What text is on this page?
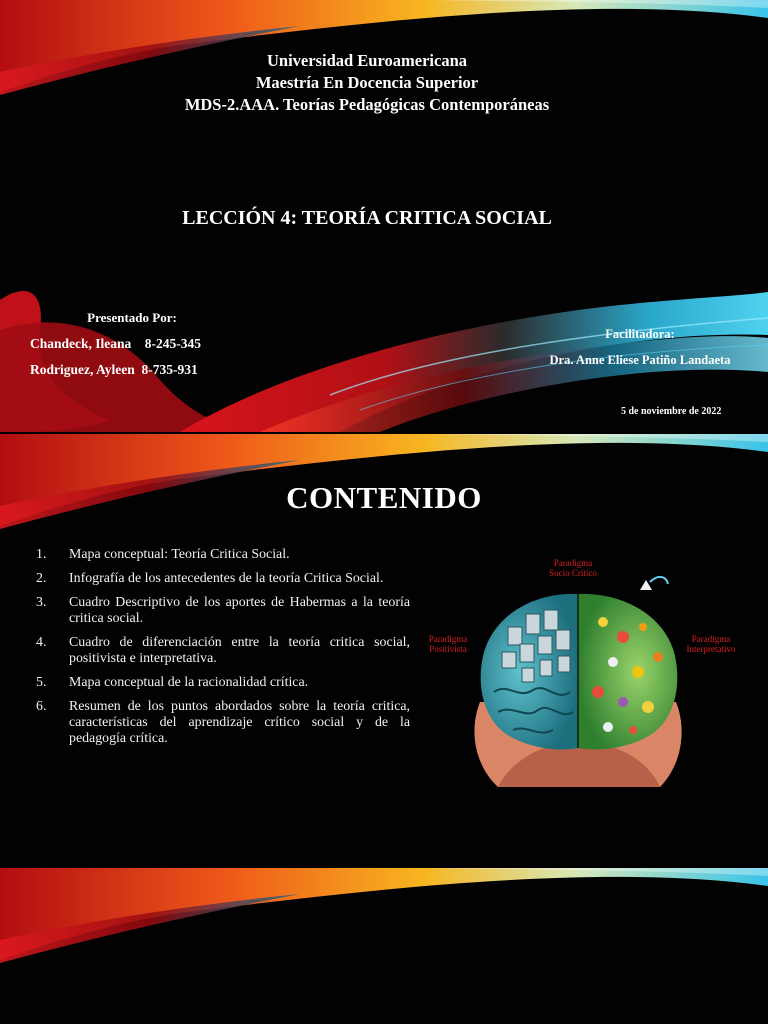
Universidad Euroamericana
Maestría En Docencia Superior
MDS-2.AAA. Teorías Pedagógicas Contemporáneas
LECCIÓN 4: TEORÍA CRITICA SOCIAL
Presentado Por:
Chandeck, Ileana 8-245-345
Rodriguez, Ayleen 8-735-931
Facilitadora:
Dra. Anne Eliese Patiño Landaeta
5 de noviembre de 2022
CONTENIDO
1.	Mapa conceptual: Teoría Critica Social.
2.	Infografía de los antecedentes de la teoría Critica Social.
3.	Cuadro Descriptivo de los aportes de Habermas a la teoría critica social.
4.	Cuadro de diferenciación entre la teoría critica social, positivista e interpretativa.
5.	Mapa conceptual de la racionalidad crítica.
6.	Resumen de los puntos abordados sobre la teoría critica, características del aprendizaje crítico social y de la pedagogía crítica.
Paradigma
Socio Crítico
Paradigma
Positivista
Paradigma
Interpretativo
